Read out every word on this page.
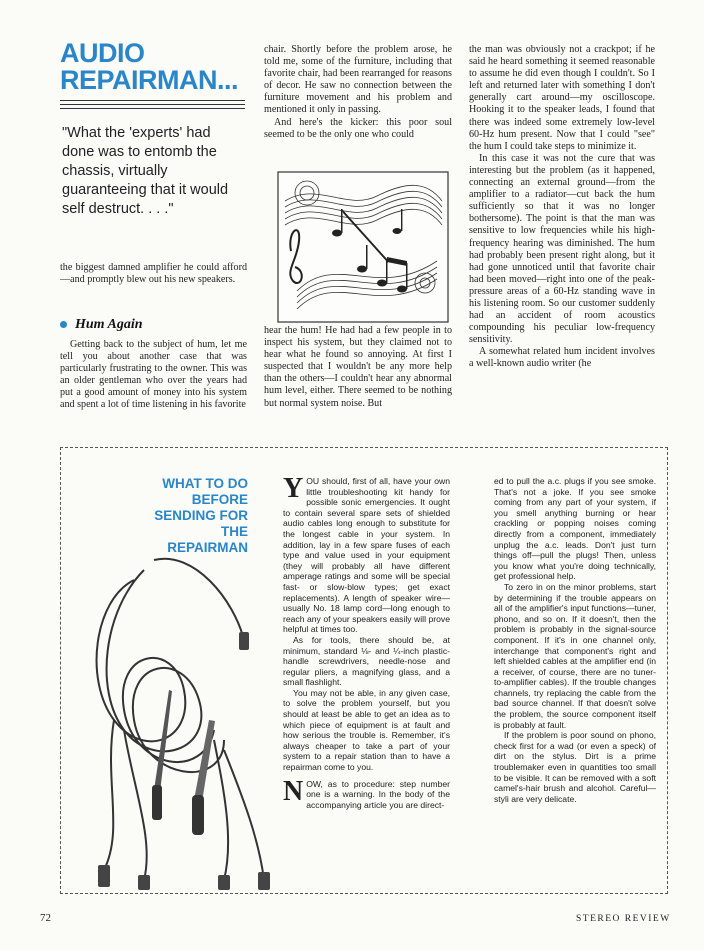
AUDIO
REPAIRMAN...
"What the 'experts' had done was to entomb the chassis, virtually guaranteeing that it would self destruct. . . ."

the biggest damned amplifier he could afford—and promptly blew out his new speakers.

Hum Again

Getting back to the subject of hum, let me tell you about another case that was particularly frustrating to the owner. This was an older gentleman who over the years had put a good amount of money into his system and spent a lot of time listening in his favorite

chair. Shortly before the problem arose, he told me, some of the furniture, including that favorite chair, had been rearranged for reasons of decor. He saw no connection between the furniture movement and his problem and mentioned it only in passing.

And here's the kicker: this poor soul seemed to be the only one who could

hear the hum! He had had a few people in to inspect his system, but they claimed not to hear what he found so annoying. At first I suspected that I wouldn't be any more help than the others—I couldn't hear any abnormal hum level, either. There seemed to be nothing but normal system noise. But

the man was obviously not a crackpot; if he said he heard something it seemed reasonable to assume he did even though I couldn't. So I left and returned later with something I don't generally cart around—my oscilloscope. Hooking it to the speaker leads, I found that there was indeed some extremely low-level 60-Hz hum present. Now that I could "see" the hum I could take steps to minimize it.

In this case it was not the cure that was interesting but the problem (as it happened, connecting an external ground—from the amplifier to a radiator—cut back the hum sufficiently so that it was no longer bothersome). The point is that the man was sensitive to low frequencies while his high-frequency hearing was diminished. The hum had probably been present right along, but it had gone unnoticed until that favorite chair had been moved—right into one of the peak-pressure areas of a 60-Hz standing wave in his listening room. So our customer suddenly had an accident of room acoustics compounding his peculiar low-frequency sensitivity.

A somewhat related hum incident involves a well-known audio writer (he

WHAT TO DO BEFORE SENDING FOR THE REPAIRMAN

YOU should, first of all, have your own little troubleshooting kit handy for possible sonic emergencies. It ought to contain several spare sets of shielded audio cables long enough to substitute for the longest cable in your system. In addition, lay in a few spare fuses of each type and value used in your equipment (they will probably all have different amperage ratings and some will be special fast- or slow-blow types; get exact replacements). A length of speaker wire—usually No. 18 lamp cord—long enough to reach any of your speakers easily will prove helpful at times too.

As for tools, there should be, at minimum, standard ⅛- and ¼-inch plastic-handle screwdrivers, needle-nose and regular pliers, a magnifying glass, and a small flashlight.

You may not be able, in any given case, to solve the problem yourself, but you should at least be able to get an idea as to which piece of equipment is at fault and how serious the trouble is. Remember, it's always cheaper to take a part of your system to a repair station than to have a repairman come to you.

NOW, as to procedure: step number one is a warning. In the body of the accompanying article you are direct-

ed to pull the a.c. plugs if you see smoke. That's not a joke. If you see smoke coming from any part of your system, if you smell anything burning or hear crackling or popping noises coming directly from a component, immediately unplug the a.c. leads. Don't just turn things off—pull the plugs! Then, unless you know what you're doing technically, get professional help.

To zero in on the minor problems, start by determining if the trouble appears on all of the amplifier's input functions—tuner, phono, and so on. If it doesn't, then the problem is probably in the signal-source component. If it's in one channel only, interchange that component's right and left shielded cables at the amplifier end (in a receiver, of course, there are no tuner-to-amplifier cables). If the trouble changes channels, try replacing the cable from the bad source channel. If that doesn't solve the problem, the source component itself is probably at fault.

If the problem is poor sound on phono, check first for a wad (or even a speck) of dirt on the stylus. Dirt is a prime troublemaker even in quantities too small to be visible. It can be removed with a soft camel's-hair brush and alcohol. Careful—styli are very delicate.

72	STEREO REVIEW
